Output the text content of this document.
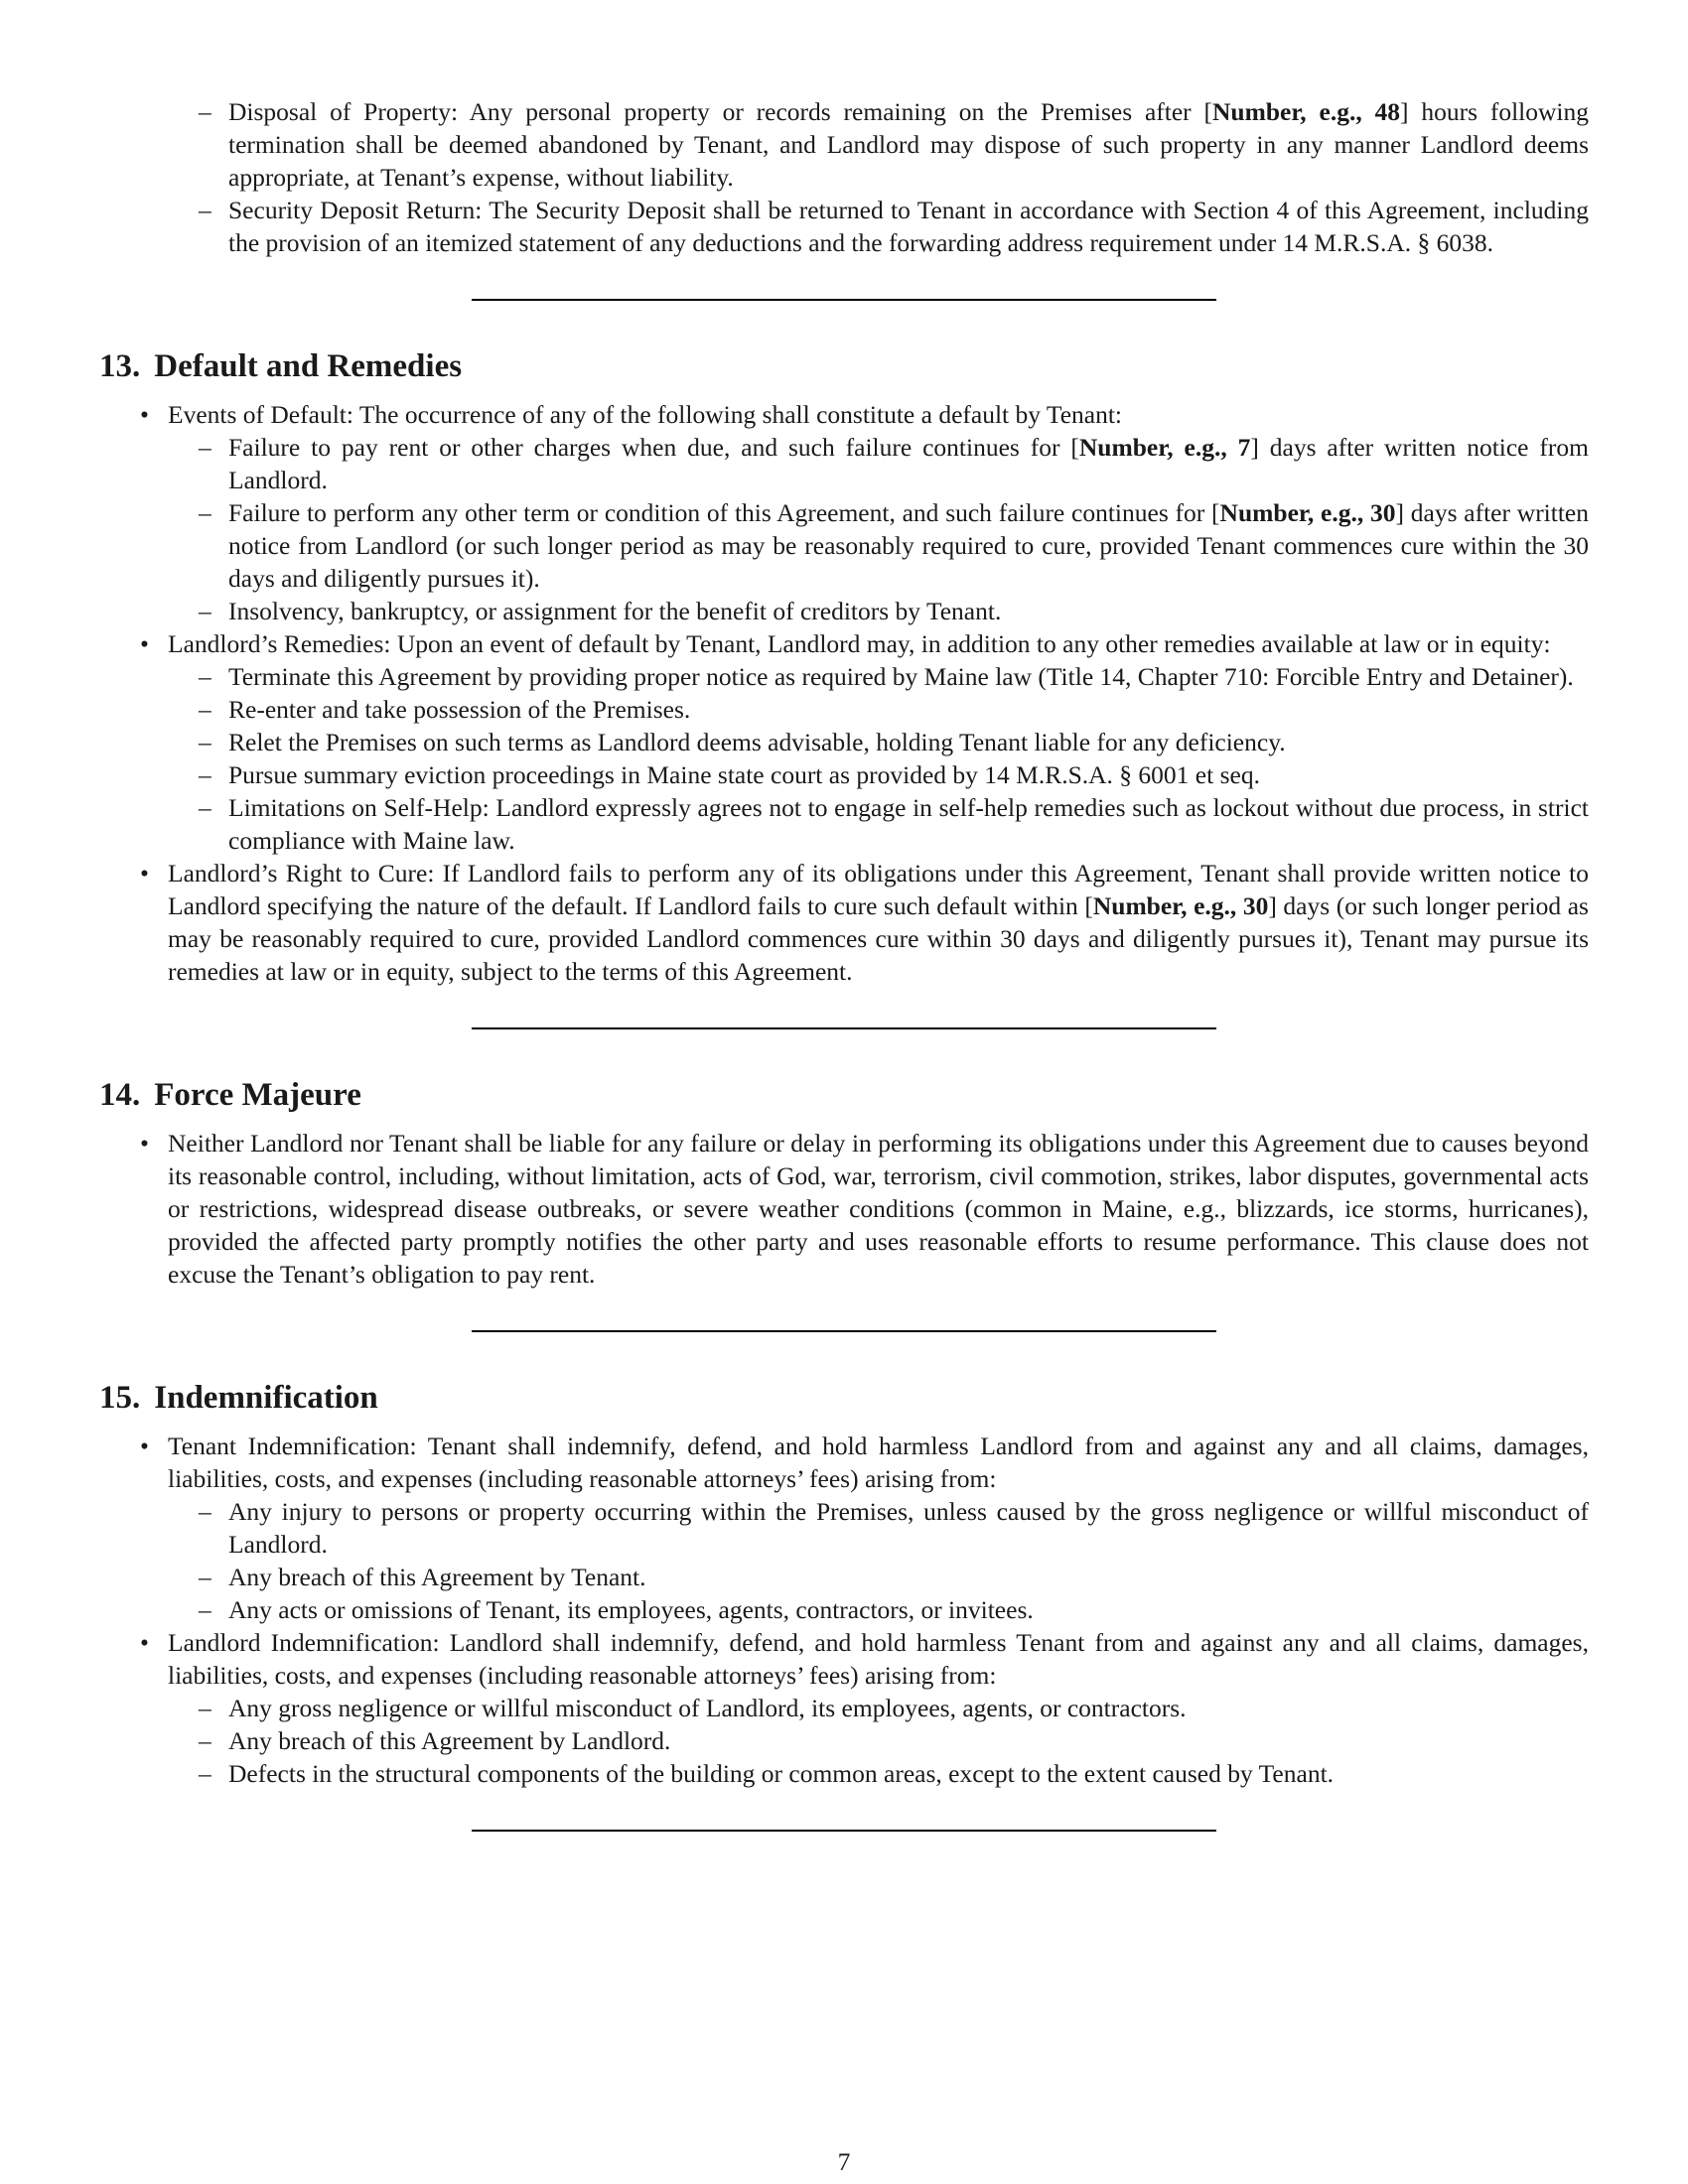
– Disposal of Property: Any personal property or records remaining on the Premises after [Number, e.g., 48] hours following termination shall be deemed abandoned by Tenant, and Landlord may dispose of such property in any manner Landlord deems appropriate, at Tenant’s expense, without liability.

– Security Deposit Return: The Security Deposit shall be returned to Tenant in accordance with Section 4 of this Agreement, including the provision of an itemized statement of any deductions and the forwarding address requirement under 14 M.R.S.A. § 6038.

13. Default and Remedies
• Events of Default: The occurrence of any of the following shall constitute a default by Tenant:

– Failure to pay rent or other charges when due, and such failure continues for [Number, e.g., 7] days after written notice from Landlord.

– Failure to perform any other term or condition of this Agreement, and such failure continues for [Number, e.g., 30] days after written notice from Landlord (or such longer period as may be reasonably required to cure, provided Tenant commences cure within the 30 days and diligently pursues it).

– Insolvency, bankruptcy, or assignment for the benefit of creditors by Tenant.

• Landlord’s Remedies: Upon an event of default by Tenant, Landlord may, in addition to any other remedies available at law or in equity:

– Terminate this Agreement by providing proper notice as required by Maine law (Title 14, Chapter 710: Forcible Entry and Detainer).

– Re-enter and take possession of the Premises.

– Relet the Premises on such terms as Landlord deems advisable, holding Tenant liable for any deficiency.

– Pursue summary eviction proceedings in Maine state court as provided by 14 M.R.S.A. § 6001 et seq.

– Limitations on Self-Help: Landlord expressly agrees not to engage in self-help remedies such as lockout without due process, in strict compliance with Maine law.

• Landlord’s Right to Cure: If Landlord fails to perform any of its obligations under this Agreement, Tenant shall provide written notice to Landlord specifying the nature of the default. If Landlord fails to cure such default within [Number, e.g., 30] days (or such longer period as may be reasonably required to cure, provided Landlord commences cure within 30 days and diligently pursues it), Tenant may pursue its remedies at law or in equity, subject to the terms of this Agreement.

14. Force Majeure
• Neither Landlord nor Tenant shall be liable for any failure or delay in performing its obligations under this Agreement due to causes beyond its reasonable control, including, without limitation, acts of God, war, terrorism, civil commotion, strikes, labor disputes, governmental acts or restrictions, widespread disease outbreaks, or severe weather conditions (common in Maine, e.g., blizzards, ice storms, hurricanes), provided the affected party promptly notifies the other party and uses reasonable efforts to resume performance. This clause does not excuse the Tenant’s obligation to pay rent.

15. Indemnification
• Tenant Indemnification: Tenant shall indemnify, defend, and hold harmless Landlord from and against any and all claims, damages, liabilities, costs, and expenses (including reasonable attorneys’ fees) arising from:

– Any injury to persons or property occurring within the Premises, unless caused by the gross negligence or willful misconduct of Landlord.

– Any breach of this Agreement by Tenant.

– Any acts or omissions of Tenant, its employees, agents, contractors, or invitees.

• Landlord Indemnification: Landlord shall indemnify, defend, and hold harmless Tenant from and against any and all claims, damages, liabilities, costs, and expenses (including reasonable attorneys’ fees) arising from:

– Any gross negligence or willful misconduct of Landlord, its employees, agents, or contractors.

– Any breach of this Agreement by Landlord.

– Defects in the structural components of the building or common areas, except to the extent caused by Tenant.

7
